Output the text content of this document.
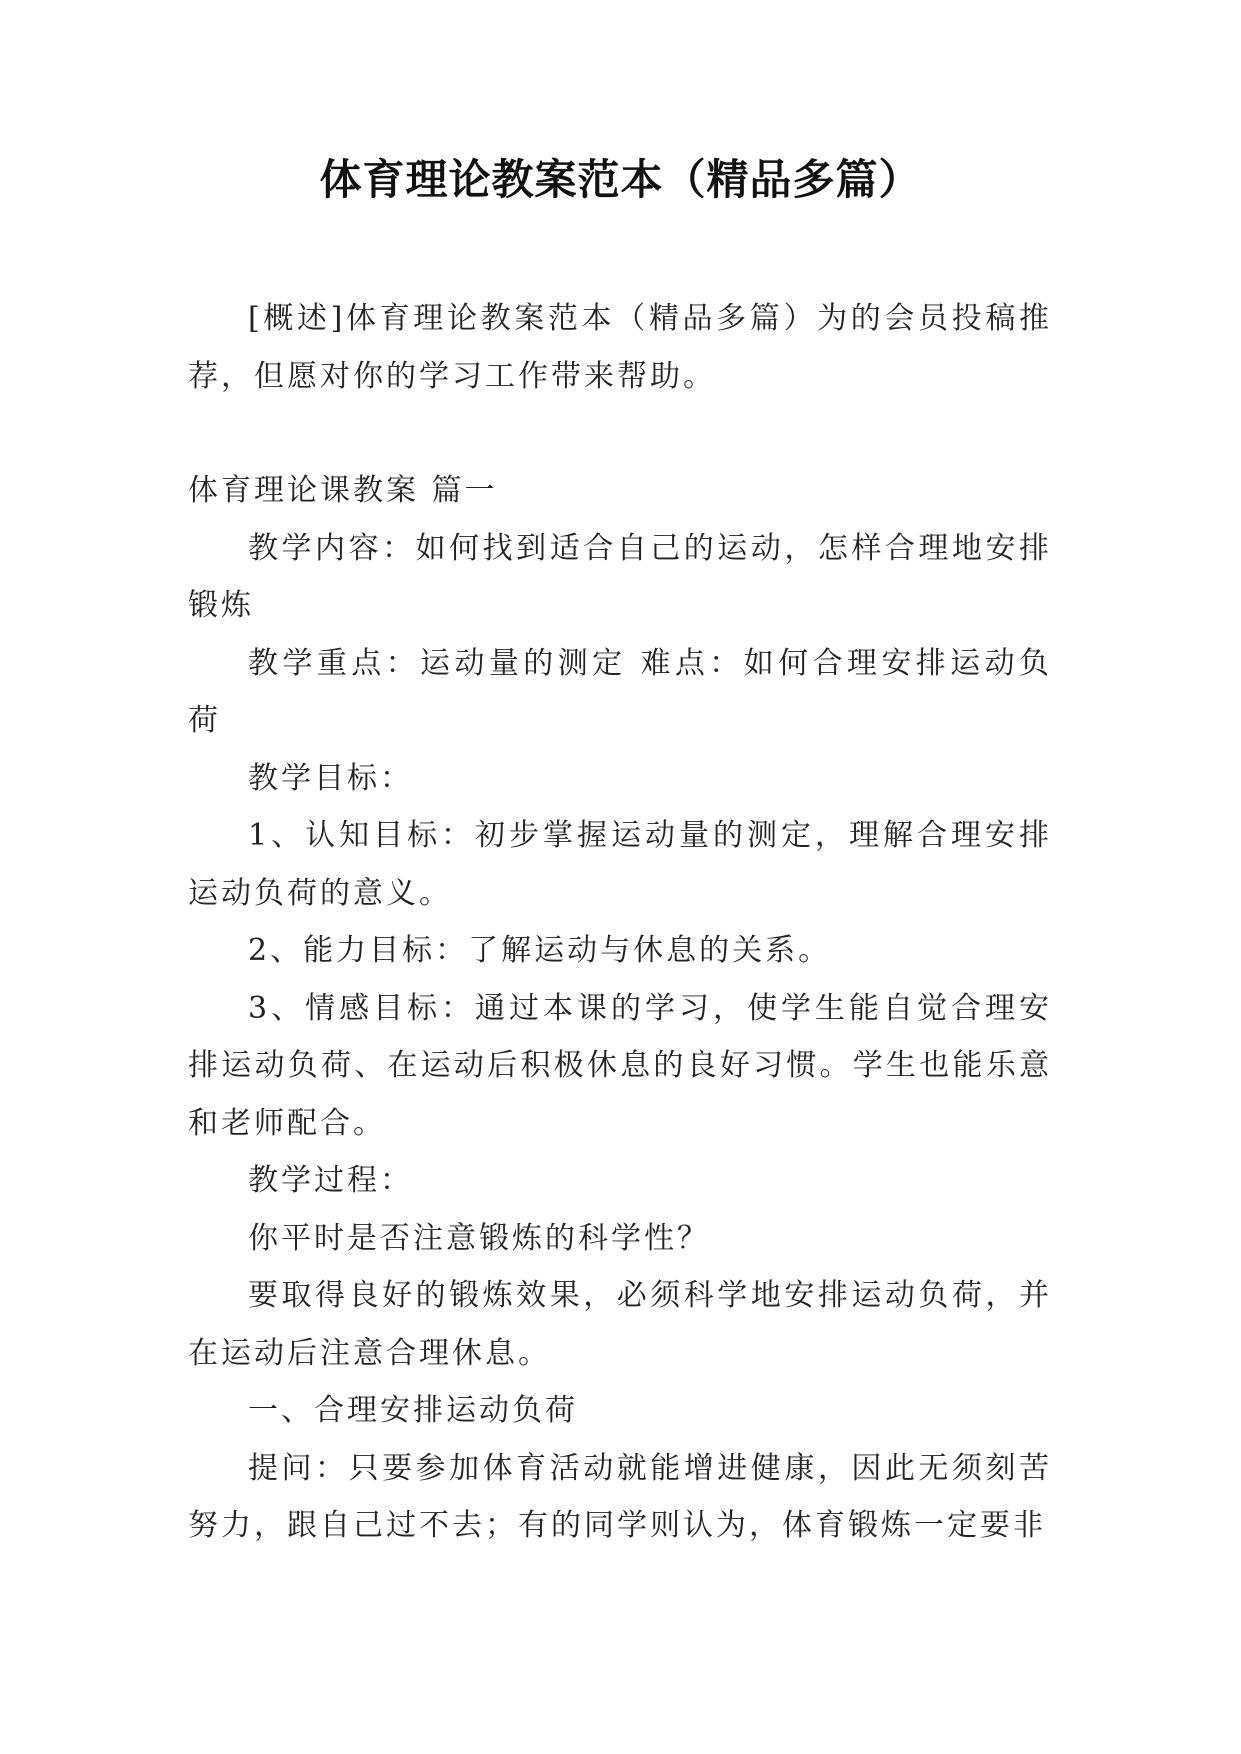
体育理论教案范本（精品多篇）

[概述]体育理论教案范本（精品多篇）为的会员投稿推荐，但愿对你的学习工作带来帮助。

体育理论课教案 篇一

教学内容：如何找到适合自己的运动，怎样合理地安排锻炼

教学重点：运动量的测定 难点：如何合理安排运动负荷

教学目标：

1、认知目标：初步掌握运动量的测定，理解合理安排运动负荷的意义。

2、能力目标：了解运动与休息的关系。

3、情感目标：通过本课的学习，使学生能自觉合理安排运动负荷、在运动后积极休息的良好习惯。学生也能乐意和老师配合。

教学过程：

你平时是否注意锻炼的科学性？

要取得良好的锻炼效果，必须科学地安排运动负荷，并在运动后注意合理休息。

一、合理安排运动负荷

提问：只要参加体育活动就能增进健康，因此无须刻苦努力，跟自己过不去；有的同学则认为，体育锻炼一定要非
